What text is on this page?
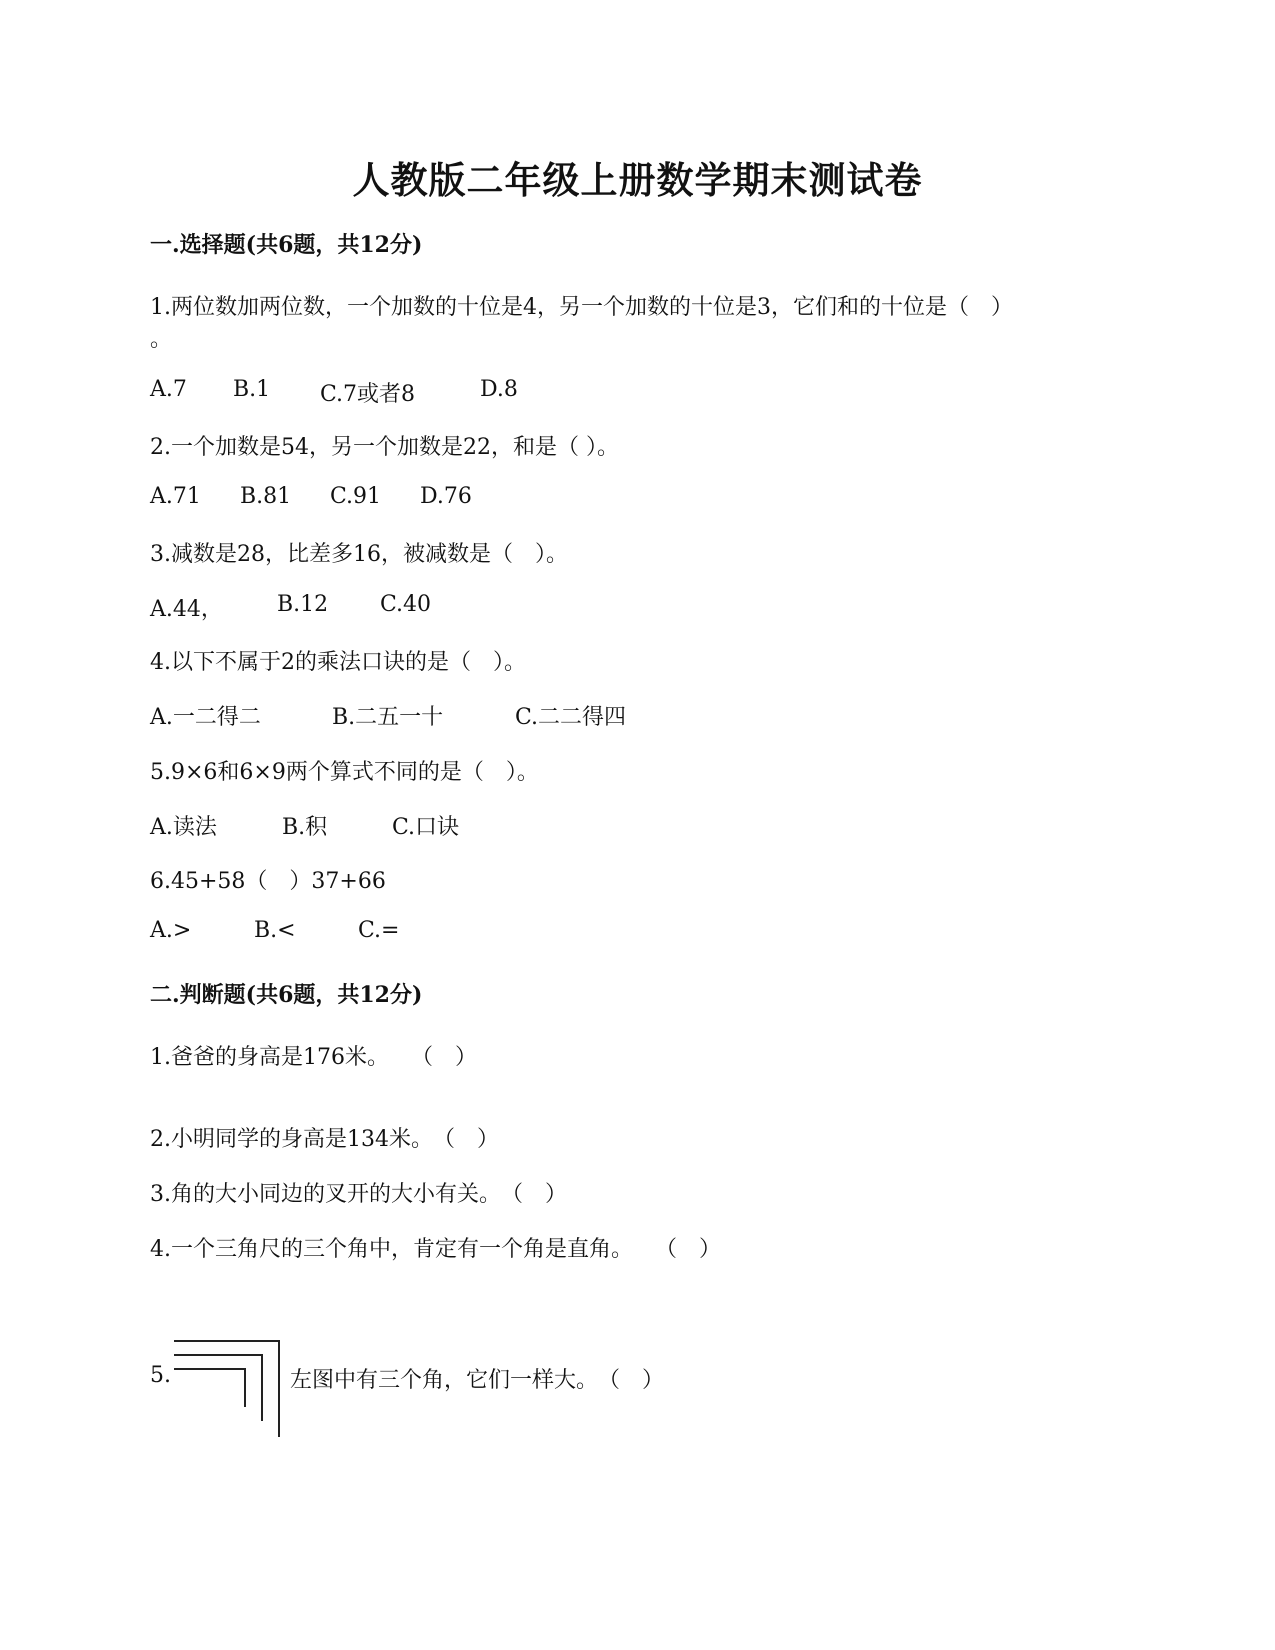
人教版二年级上册数学期末测试卷
一.选择题(共6题，共12分)
1.两位数加两位数，一个加数的十位是4，另一个加数的十位是3，它们和的十位是（　）
。
A.7 B.1 C.7或者8	D.8
2.一个加数是54，另一个加数是22，和是（ ）。
A.71 B.81 C.91 D.76
3.减数是28，比差多16，被减数是（　）。
A.44， B.12 C.40
4.以下不属于2的乘法口诀的是（　）。
A.一二得二	B.二五一十	C.二二得四
5.9×6和6×9两个算式不同的是（　）。
A.读法	B.积	C.口诀
6.45+58（　）37+66
A.>	B.<	C.=
二.判断题(共6题，共12分)
1.爸爸的身高是176米。　　（　）
2.小明同学的身高是134米。　（　）
3.角的大小同边的叉开的大小有关。　（　）
4.一个三角尺的三个角中，肯定有一个角是直角。　　（　）
5.	左图中有三个角，它们一样大。　（　）
